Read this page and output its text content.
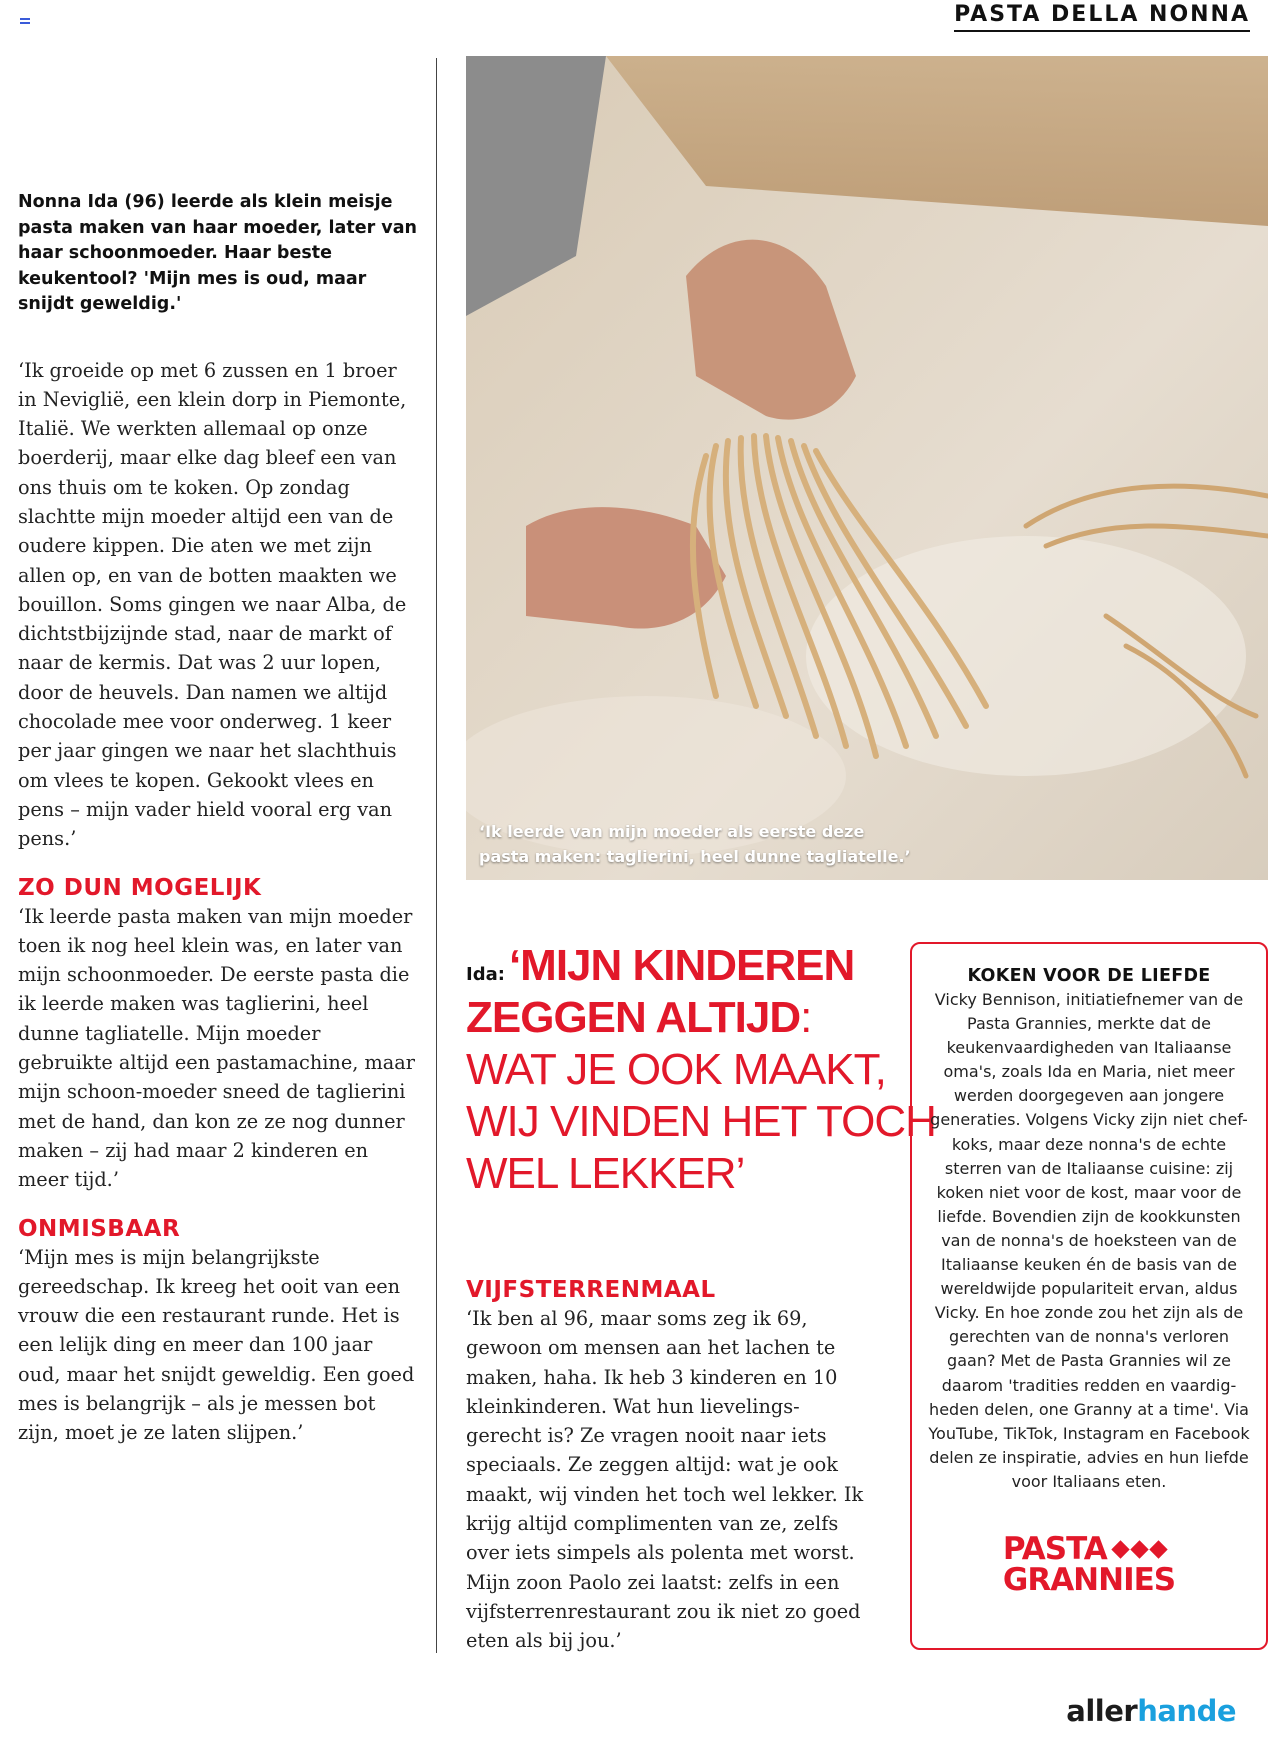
PASTA DELLA NONNA

Nonna Ida (96) leerde als klein meisje pasta maken van haar moeder, later van haar schoonmoeder. Haar beste keukentool? 'Mijn mes is oud, maar snijdt geweldig.'

‘Ik groeide op met 6 zussen en 1 broer in Neviglië, een klein dorp in Piemonte, Italië. We werkten allemaal op onze boerderij, maar elke dag bleef een van ons thuis om te koken. Op zondag slachtte mijn moeder altijd een van de oudere kippen. Die aten we met zijn allen op, en van de botten maakten we bouillon. Soms gingen we naar Alba, de dichtstbijzijnde stad, naar de markt of naar de kermis. Dat was 2 uur lopen, door de heuvels. Dan namen we altijd chocolade mee voor onderweg. 1 keer per jaar gingen we naar het slachthuis om vlees te kopen. Gekookt vlees en pens – mijn vader hield vooral erg van pens.’

ZO DUN MOGELIJK

‘Ik leerde pasta maken van mijn moeder toen ik nog heel klein was, en later van mijn schoonmoeder. De eerste pasta die ik leerde maken was taglierini, heel dunne tagliatelle. Mijn moeder gebruikte altijd een pastamachine, maar mijn schoon-moeder sneed de taglierini met de hand, dan kon ze ze nog dunner maken – zij had maar 2 kinderen en meer tijd.’

ONMISBAAR

‘Mijn mes is mijn belangrijkste gereedschap. Ik kreeg het ooit van een vrouw die een restaurant runde. Het is een lelijk ding en meer dan 100 jaar oud, maar het snijdt geweldig. Een goed mes is belangrijk – als je messen bot zijn, moet je ze laten slijpen.’

‘Ik leerde van mijn moeder als eerste deze pasta maken: taglierini, heel dunne tagliatelle.’
Ida:‘MIJN KINDEREN
ZEGGEN ALTIJD:
WAT JE OOK MAAKT,
WIJ VINDEN HET TOCH
WEL LEKKER’
VIJFSTERRENMAAL

‘Ik ben al 96, maar soms zeg ik 69, gewoon om mensen aan het lachen te maken, haha. Ik heb 3 kinderen en 10 kleinkinderen. Wat hun lievelings-gerecht is? Ze vragen nooit naar iets speciaals. Ze zeggen altijd: wat je ook maakt, wij vinden het toch wel lekker. Ik krijg altijd complimenten van ze, zelfs over iets simpels als polenta met worst. Mijn zoon Paolo zei laatst: zelfs in een vijfsterrenrestaurant zou ik niet zo goed eten als bij jou.’

KOKEN VOOR DE LIEFDE

Vicky Bennison, initiatiefnemer van de Pasta Grannies, merkte dat de keukenvaardigheden van Italiaanse oma's, zoals Ida en Maria, niet meer werden doorgegeven aan jongere generaties. Volgens Vicky zijn niet chef-koks, maar deze nonna's de echte sterren van de Italiaanse cuisine: zij koken niet voor de kost, maar voor de liefde. Bovendien zijn de kookkunsten van de nonna's de hoeksteen van de Italiaanse keuken én de basis van de wereldwijde populariteit ervan, aldus Vicky. En hoe zonde zou het zijn als de gerechten van de nonna's verloren gaan? Met de Pasta Grannies wil ze daarom 'tradities redden en vaardig-heden delen, one Granny at a time'. Via YouTube, TikTok, Instagram en Facebook delen ze inspiratie, advies en hun liefde voor Italiaans eten.

PASTA
GRANNIES
allerhande
